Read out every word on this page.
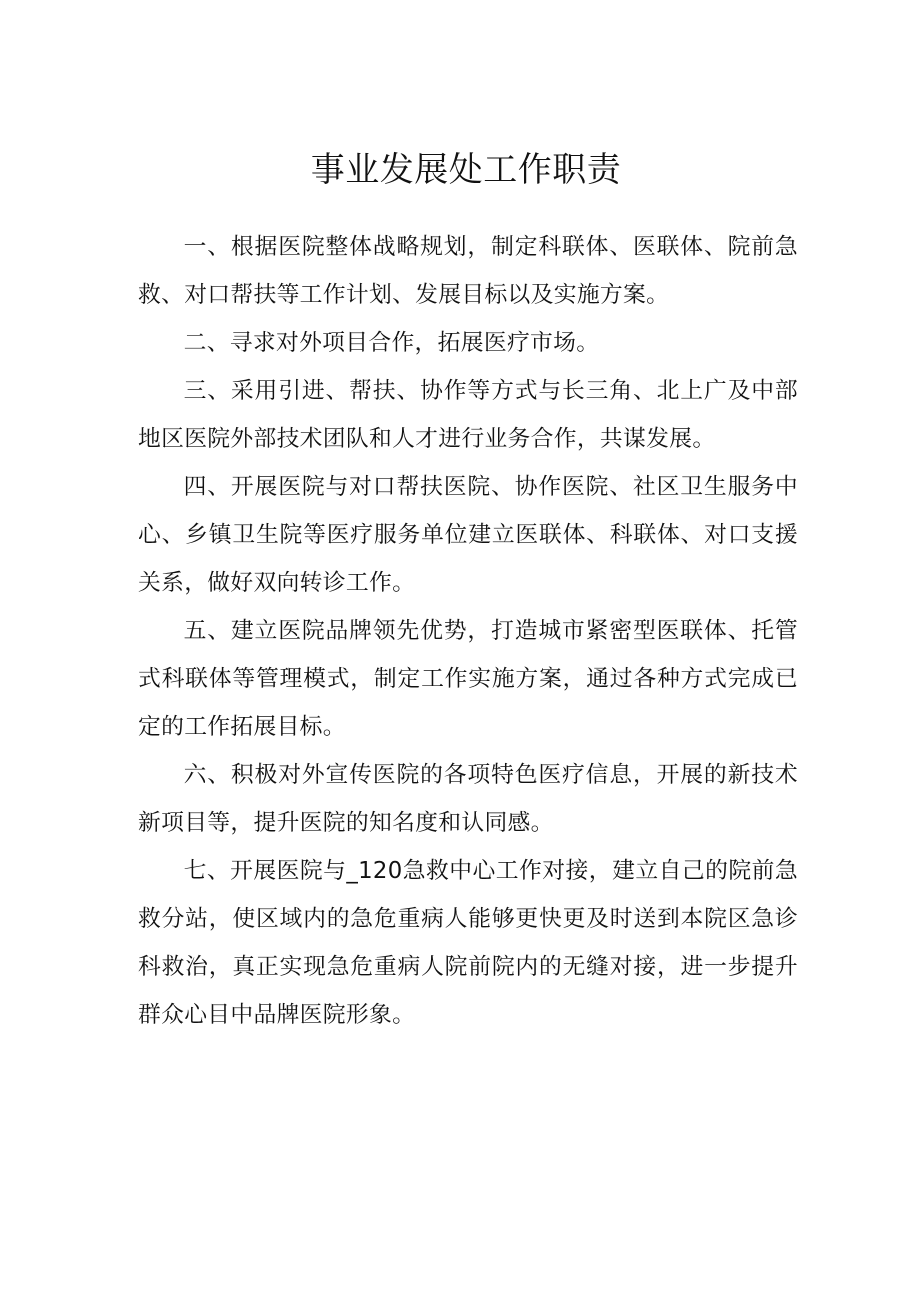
事业发展处工作职责

一、根据医院整体战略规划，制定科联体、医联体、院前急救、对口帮扶等工作计划、发展目标以及实施方案。

二、寻求对外项目合作，拓展医疗市场。

三、采用引进、帮扶、协作等方式与长三角、北上广及中部地区医院外部技术团队和人才进行业务合作，共谋发展。

四、开展医院与对口帮扶医院、协作医院、社区卫生服务中心、乡镇卫生院等医疗服务单位建立医联体、科联体、对口支援关系，做好双向转诊工作。

五、建立医院品牌领先优势，打造城市紧密型医联体、托管式科联体等管理模式，制定工作实施方案，通过各种方式完成已定的工作拓展目标。

六、积极对外宣传医院的各项特色医疗信息，开展的新技术新项目等，提升医院的知名度和认同感。

七、开展医院与_120急救中心工作对接，建立自己的院前急救分站，使区域内的急危重病人能够更快更及时送到本院区急诊科救治，真正实现急危重病人院前院内的无缝对接，进一步提升群众心目中品牌医院形象。
